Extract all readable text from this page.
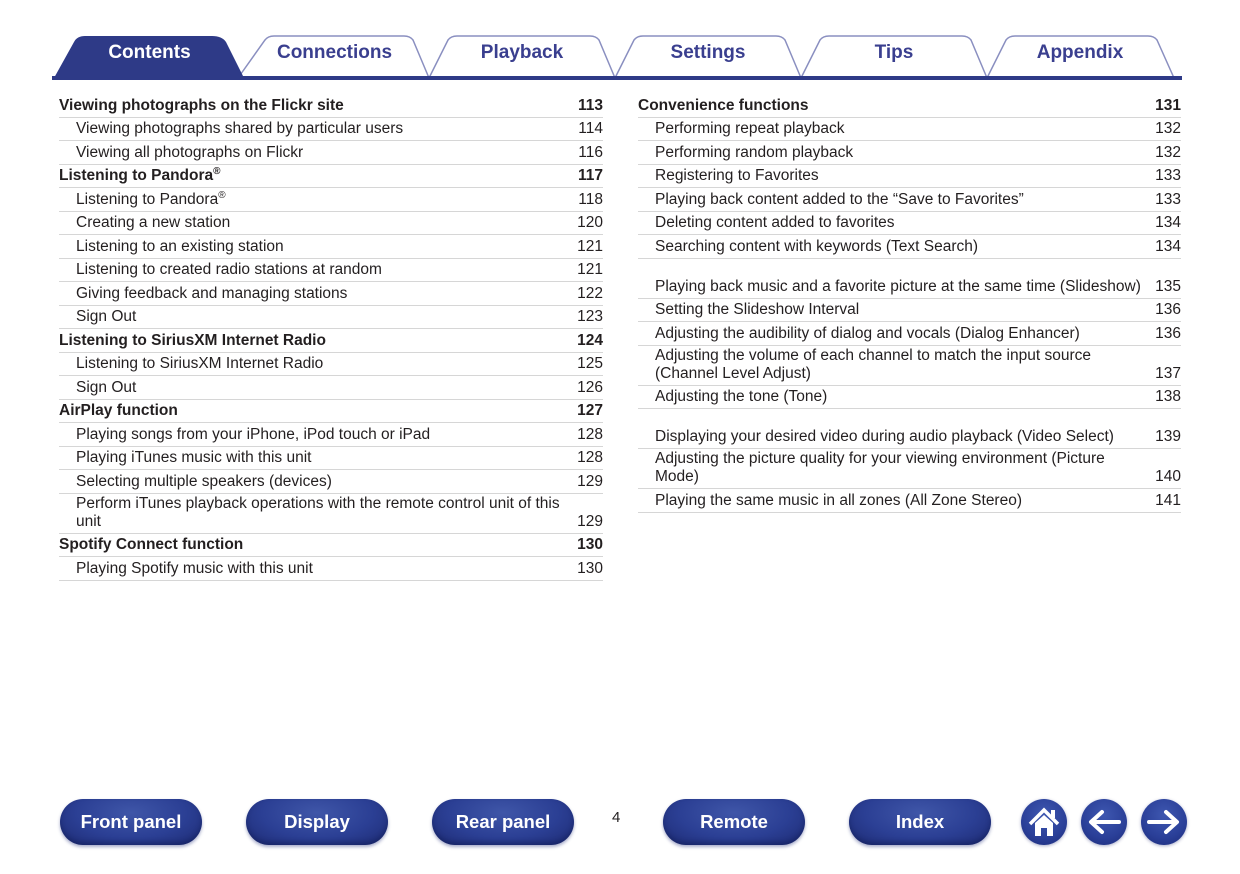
Contents	Connections	Playback	Settings	Tips	Appendix
Viewing photographs on the Flickr site	113
Viewing photographs shared by particular users	114
Viewing all photographs on Flickr	116
Listening to Pandora®	117
Listening to Pandora®	118
Creating a new station	120
Listening to an existing station	121
Listening to created radio stations at random	121
Giving feedback and managing stations	122
Sign Out	123
Listening to SiriusXM Internet Radio	124
Listening to SiriusXM Internet Radio	125
Sign Out	126
AirPlay function	127
Playing songs from your iPhone, iPod touch or iPad	128
Playing iTunes music with this unit	128
Selecting multiple speakers (devices)	129
Perform iTunes playback operations with the remote control unit of this unit	129
Spotify Connect function	130
Playing Spotify music with this unit	130
Convenience functions	131
Performing repeat playback	132
Performing random playback	132
Registering to Favorites	133
Playing back content added to the “Save to Favorites”	133
Deleting content added to favorites	134
Searching content with keywords (Text Search)	134
Playing back music and a favorite picture at the same time (Slideshow) 135
Setting the Slideshow Interval	136
Adjusting the audibility of dialog and vocals (Dialog Enhancer)	136
Adjusting the volume of each channel to match the input source (Channel Level Adjust)	137
Adjusting the tone (Tone)	138
Displaying your desired video during audio playback (Video Select)	139
Adjusting the picture quality for your viewing environment (Picture Mode)	140
Playing the same music in all zones (All Zone Stereo)	141
Front panel	Display	Rear panel	4	Remote	Index
